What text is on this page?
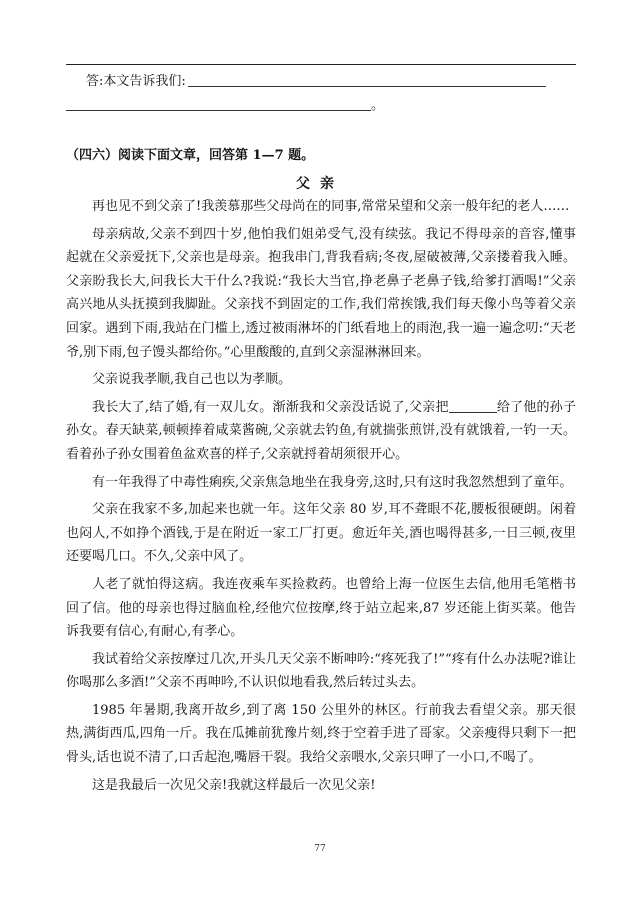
答:本文告诉我们:
。
（四六）阅读下面文章，回答第 1—7 题。
父亲

再也见不到父亲了!我羡慕那些父母尚在的同事,常常呆望和父亲一般年纪的老人……

母亲病故,父亲不到四十岁,他怕我们姐弟受气,没有续弦。我记不得母亲的音容,懂事起就在父亲爱抚下,父亲也是母亲。抱我串门,背我看病;冬夜,屋破被薄,父亲搂着我入睡。父亲盼我长大,问我长大干什么?我说:“我长大当官,挣老鼻子老鼻子钱,给爹打酒喝!”父亲高兴地从头抚摸到我脚趾。父亲找不到固定的工作,我们常挨饿,我们每天像小鸟等着父亲回家。遇到下雨,我站在门槛上,透过被雨淋坏的门纸看地上的雨泡,我一遍一遍念叨:“天老爷,别下雨,包子馒头都给你。”心里酸酸的,直到父亲湿淋淋回来。

父亲说我孝顺,我自己也以为孝顺。

我长大了,结了婚,有一双儿女。渐渐我和父亲没话说了,父亲把	给了他的孙子孙女。春天缺菜,顿顿捧着咸菜酱碗,父亲就去钓鱼,有就揣张煎饼,没有就饿着,一钓一天。看着孙子孙女围着鱼盆欢喜的样子,父亲就捋着胡须很开心。

有一年我得了中毒性痢疾,父亲焦急地坐在我身旁,这时,只有这时我忽然想到了童年。

父亲在我家不多,加起来也就一年。这年父亲 80 岁,耳不聋眼不花,腰板很硬朗。闲着也闷人,不如挣个酒钱,于是在附近一家工厂打更。愈近年关,酒也喝得甚多,一日三顿,夜里还要喝几口。不久,父亲中风了。

人老了就怕得这病。我连夜乘车买捡救药。也曾给上海一位医生去信,他用毛笔楷书回了信。他的母亲也得过脑血栓,经他穴位按摩,终于站立起来,87 岁还能上街买菜。他告诉我要有信心,有耐心,有孝心。

我试着给父亲按摩过几次,开头几天父亲不断呻吟:“疼死我了!”“疼有什么办法呢?谁让你喝那么多酒!”父亲不再呻吟,不认识似地看我,然后转过头去。

1985 年暑期,我离开故乡,到了离 150 公里外的林区。行前我去看望父亲。那天很热,满街西瓜,四角一斤。我在瓜摊前犹豫片刻,终于空着手进了哥家。父亲瘦得只剩下一把骨头,话也说不清了,口舌起泡,嘴唇干裂。我给父亲喂水,父亲只呷了一小口,不喝了。

这是我最后一次见父亲!我就这样最后一次见父亲!

77
